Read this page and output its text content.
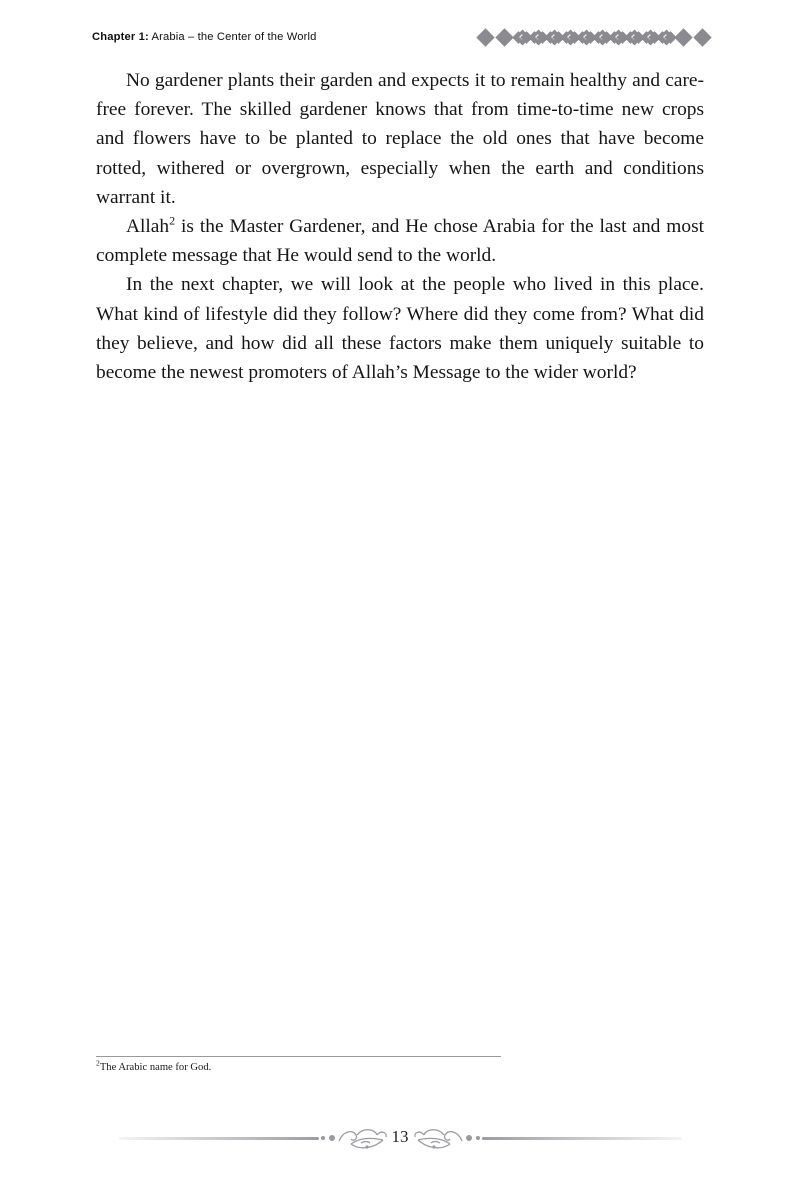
Chapter 1: Arabia – the Center of the World

No gardener plants their garden and expects it to remain healthy and care-free forever. The skilled gardener knows that from time-to-time new crops and flowers have to be planted to replace the old ones that have become rotted, withered or overgrown, especially when the earth and conditions warrant it.

Allah$^2$ is the Master Gardener, and He chose Arabia for the last and most complete message that He would send to the world.

In the next chapter, we will look at the people who lived in this place. What kind of lifestyle did they follow? Where did they come from? What did they believe, and how did all these factors make them uniquely suitable to become the newest promoters of Allah’s Message to the wider world?

$^2$The Arabic name for God.
13
